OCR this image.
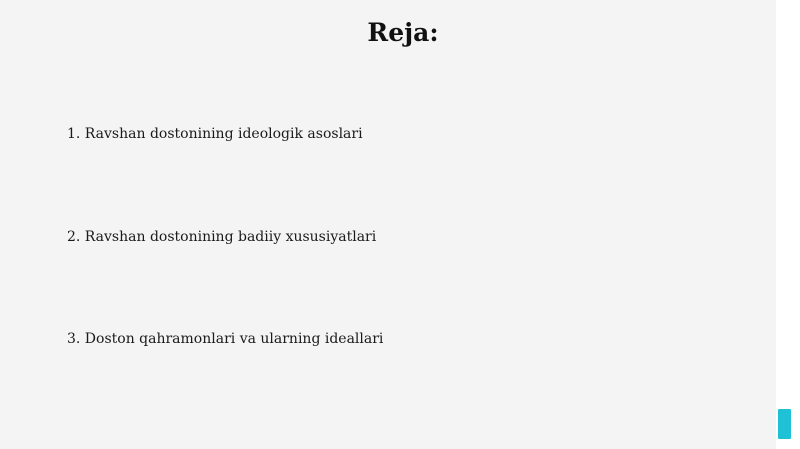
Reja:
1. Ravshan dostonining ideologik asoslari
2. Ravshan dostonining badiiy xususiyatlari
3. Doston qahramonlari va ularning ideallari
